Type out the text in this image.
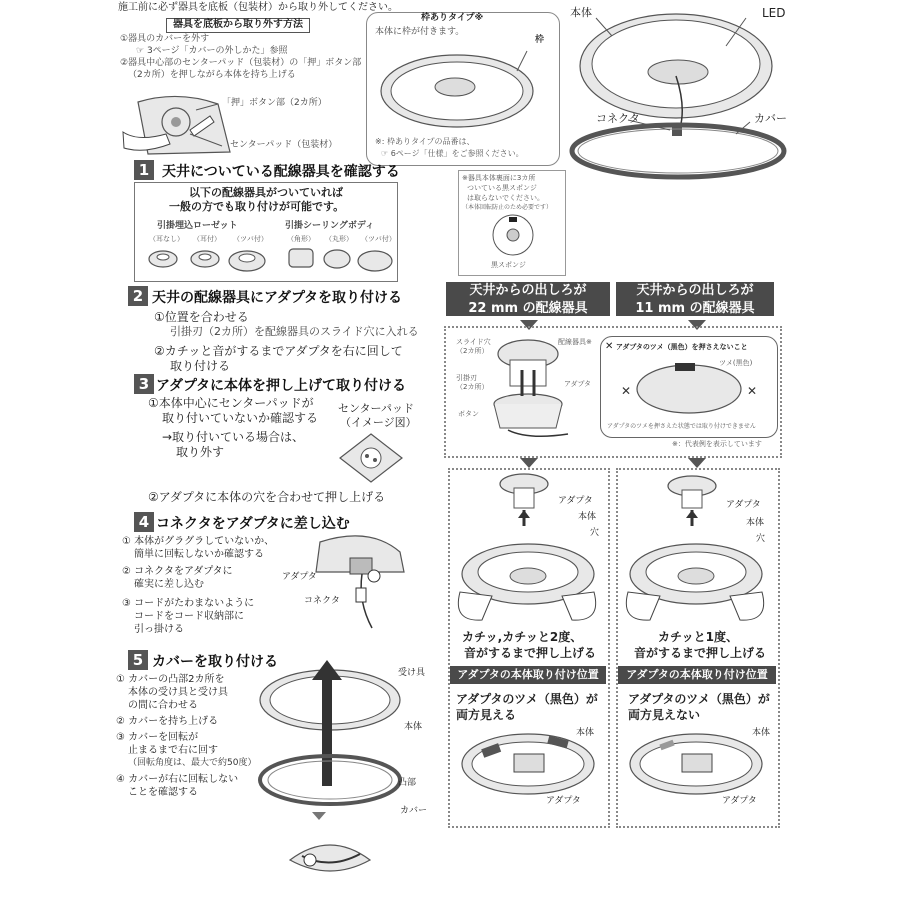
施工前に必ず器具を底板（包装材）から取り外してください。
器具を底板から取り外す方法
①器具のカバーを外す
☞ 3ページ「カバーの外しかた」参照
②器具中心部のセンターパッド（包装材）の「押」ボタン部
（2カ所）を押しながら本体を持ち上げる
「押」ボタン部（2カ所）
センターパッド（包装材）
枠ありタイプ※
本体に枠が付きます。
枠
※: 枠ありタイプの品番は、
☞ 6ページ「仕様」をご参照ください。
本体	LED
コネクタ	カバー
※器具本体裏面に3カ所
ついている黒スポンジ
は取らないでください。
（本体回転防止のため必要です）
黒スポンジ
1 天井についている配線器具を確認する
以下の配線器具がついていれば
一般の方でも取り付けが可能です。
引掛埋込ローゼット	引掛シーリングボディ
（耳なし） （耳付） （ツバ付）	（角形） （丸形） （ツバ付）
2 天井の配線器具にアダプタを取り付ける
①位置を合わせる
引掛刃（2カ所）を配線器具のスライド穴に入れる
②カチッと音がするまでアダプタを右に回して
取り付ける
3 アダプタに本体を押し上げて取り付ける
①本体中心にセンターパッドが
取り付いていないか確認する
→取り付いている場合は、
取り外す
センターパッド
（イメージ図）
②アダプタに本体の穴を合わせて押し上げる
4 コネクタをアダプタに差し込む
① 本体がグラグラしていないか、
簡単に回転しないか確認する
② コネクタをアダプタに
確実に差し込む
③ コードがたわまないように
コードをコード収納部に
引っ掛ける
アダプタ
コネクタ
5 カバーを取り付ける
① カバーの凸部2カ所を
本体の受け具と受け具
の間に合わせる
② カバーを持ち上げる
③ カバーを回転が
止まるまで右に回す
（回転角度は、最大で約50度）
④ カバーが右に回転しない
ことを確認する
受け具
本体
凸部
カバー
天井からの出しろが
22 mm の配線器具
天井からの出しろが
11 mm の配線器具
スライド穴
（2カ所）
配線器具※
引掛刃
（2カ所）	アダプタ
ボタン
✕ アダプタのツメ（黒色）を押さえないこと
ツメ(黒色)
✕	✕
アダプタのツメを押さえた状態では取り付けできません
※：代表例を表示しています
アダプタ
本体
穴
カチッ,カチッと2度、
音がするまで押し上げる
アダプタの本体取り付け位置
アダプタのツメ（黒色）が
両方見える
本体
アダプタ
アダプタ
本体
穴
カチッと1度、
音がするまで押し上げる
アダプタの本体取り付け位置
アダプタのツメ（黒色）が
両方見えない
本体
アダプタ
